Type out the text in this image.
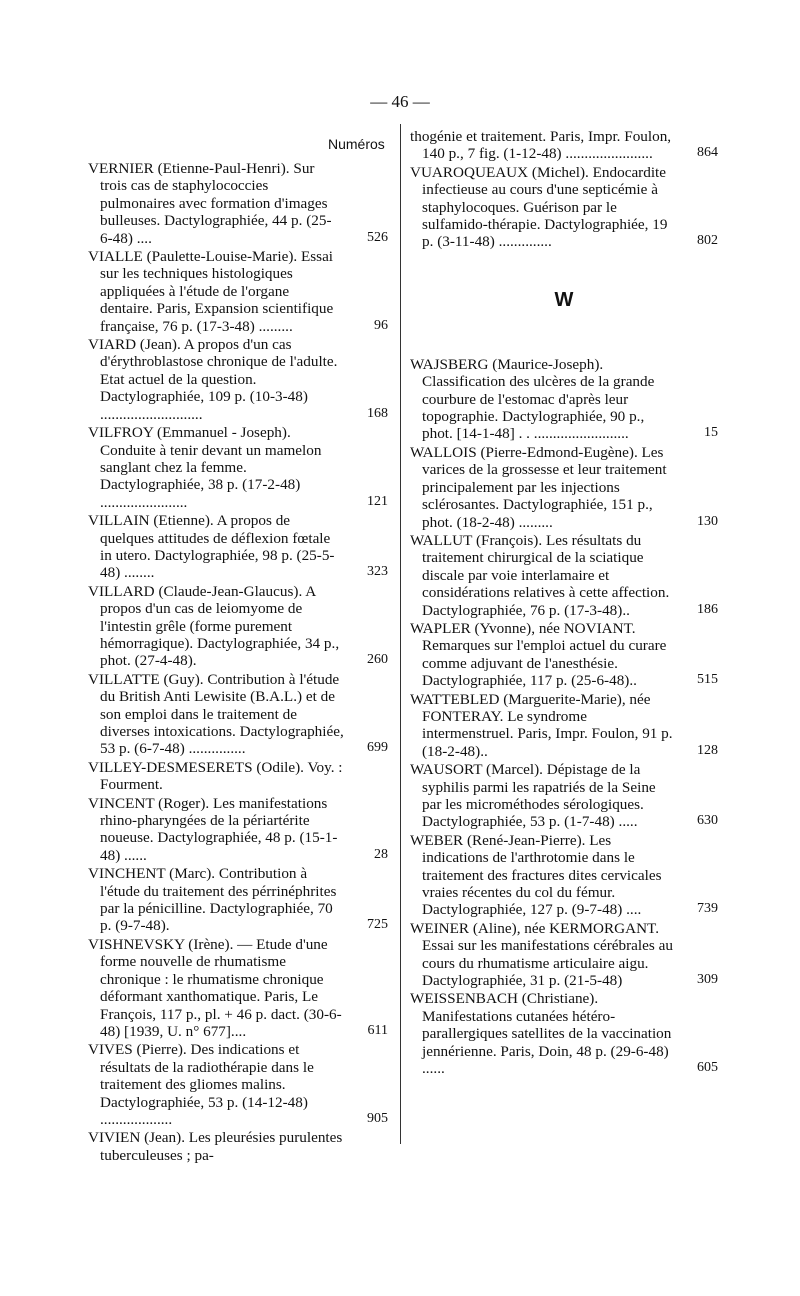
— 46 —
Numéros
VERNIER (Etienne-Paul-Henri). Sur trois cas de staphylococcies pulmonaires avec formation d'images bulleuses. Dactylographiée, 44 p. (25-6-48) ....	526
VIALLE (Paulette-Louise-Marie). Essai sur les techniques histologiques appliquées à l'étude de l'organe dentaire. Paris, Expansion scientifique française, 76 p. (17-3-48) .........	96
VIARD (Jean). A propos d'un cas d'érythroblastose chronique de l'adulte. Etat actuel de la question. Dactylographiée, 109 p. (10-3-48) ...........................	168
VILFROY (Emmanuel - Joseph). Conduite à tenir devant un mamelon sanglant chez la femme. Dactylographiée, 38 p. (17-2-48) .......................	121
VILLAIN (Etienne). A propos de quelques attitudes de déflexion fœtale in utero. Dactylographiée, 98 p. (25-5-48) ........	323
VILLARD (Claude-Jean-Glaucus). A propos d'un cas de leiomyome de l'intestin grêle (forme purement hémorragique). Dactylographiée, 34 p., phot. (27-4-48).	260
VILLATTE (Guy). Contribution à l'étude du British Anti Lewisite (B.A.L.) et de son emploi dans le traitement de diverses intoxications. Dactylographiée, 53 p. (6-7-48) ...............	699
VILLEY-DESMESERETS (Odile). Voy. : Fourment.
VINCENT (Roger). Les manifestations rhino-pharyngées de la périartérite noueuse. Dactylographiée, 48 p. (15-1-48) ......	28
VINCHENT (Marc). Contribution à l'étude du traitement des pérrinéphrites par la pénicilline. Dactylographiée, 70 p. (9-7-48).	725
VISHNEVSKY (Irène). — Etude d'une forme nouvelle de rhumatisme chronique : le rhumatisme chronique déformant xanthomatique. Paris, Le François, 117 p., pl. + 46 p. dact. (30-6-48) [1939, U. n° 677]....	611
VIVES (Pierre). Des indications et résultats de la radiothérapie dans le traitement des gliomes malins. Dactylographiée, 53 p. (14-12-48) ...................	905
VIVIEN (Jean). Les pleurésies purulentes tuberculeuses ; pa-
thogénie et traitement. Paris, Impr. Foulon, 140 p., 7 fig. (1-12-48) .......................	864
VUAROQUEAUX (Michel). Endocardite infectieuse au cours d'une septicémie à staphylocoques. Guérison par le sulfamido-thérapie. Dactylographiée, 19 p. (3-11-48) ..............	802
W
WAJSBERG (Maurice-Joseph). Classification des ulcères de la grande courbure de l'estomac d'après leur topographie. Dactylographiée, 90 p., phot. [14-1-48] . . .........................	15
WALLOIS (Pierre-Edmond-Eugène). Les varices de la grossesse et leur traitement principalement par les injections sclérosantes. Dactylographiée, 151 p., phot. (18-2-48) .........	130
WALLUT (François). Les résultats du traitement chirurgical de la sciatique discale par voie interlamaire et considérations relatives à cette affection. Dactylographiée, 76 p. (17-3-48)..	186
WAPLER (Yvonne), née NOVIANT. Remarques sur l'emploi actuel du curare comme adjuvant de l'anesthésie. Dactylographiée, 117 p. (25-6-48)..	515
WATTEBLED (Marguerite-Marie), née FONTERAY. Le syndrome intermenstruel. Paris, Impr. Foulon, 91 p. (18-2-48)..	128
WAUSORT (Marcel). Dépistage de la syphilis parmi les rapatriés de la Seine par les microméthodes sérologiques. Dactylographiée, 53 p. (1-7-48) .....	630
WEBER (René-Jean-Pierre). Les indications de l'arthrotomie dans le traitement des fractures dites cervicales vraies récentes du col du fémur. Dactylographiée, 127 p. (9-7-48) ....	739
WEINER (Aline), née KERMORGANT. Essai sur les manifestations cérébrales au cours du rhumatisme articulaire aigu. Dactylographiée, 31 p. (21-5-48)	309
WEISSENBACH (Christiane). Manifestations cutanées hétéro-parallergiques satellites de la vaccination jennérienne. Paris, Doin, 48 p. (29-6-48) ......	605
